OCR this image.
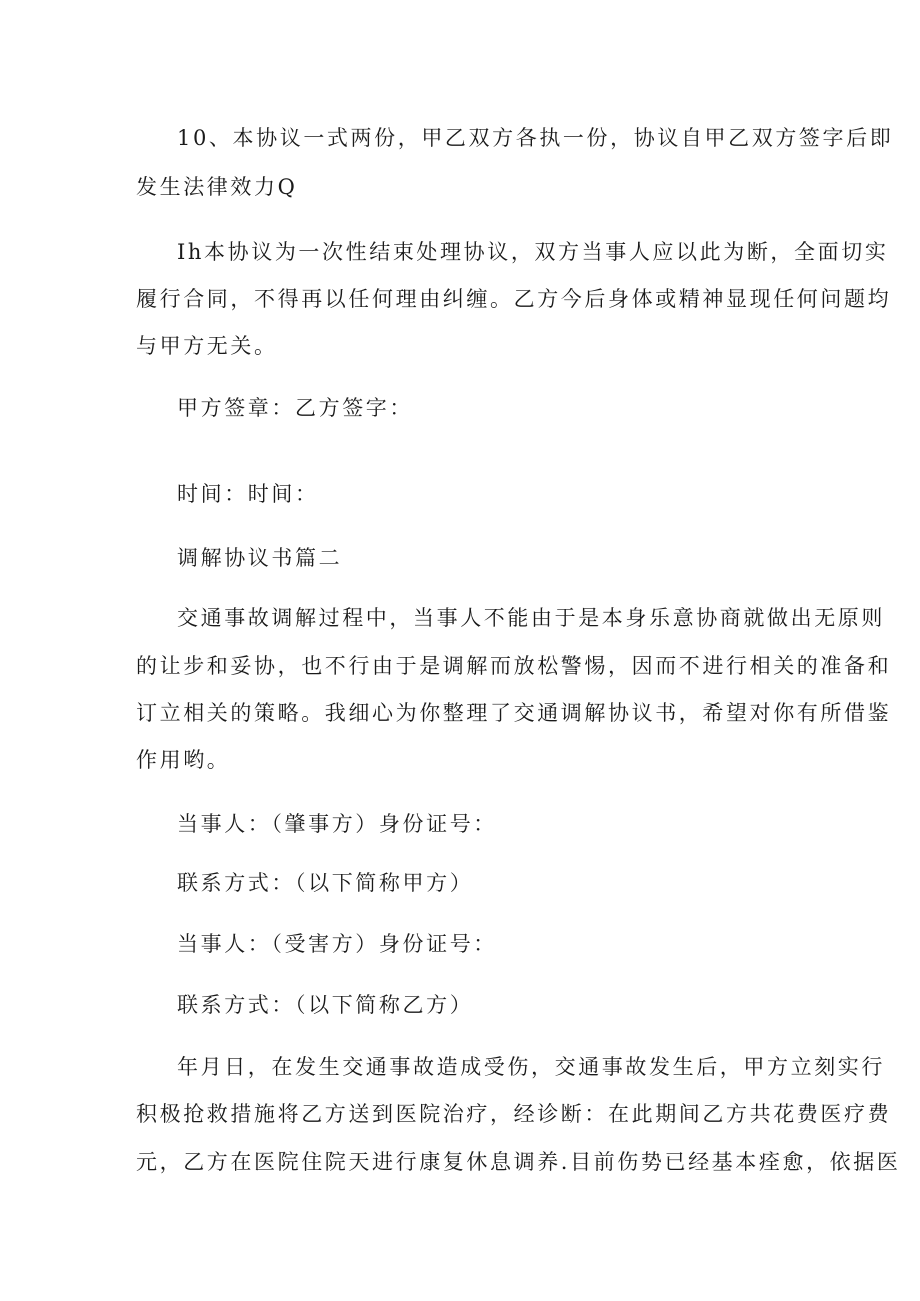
10、本协议一式两份，甲乙双方各执一份，协议自甲乙双方签字后即
发生法律效力Q
Ih本协议为一次性结束处理协议，双方当事人应以此为断，全面切实
履行合同，不得再以任何理由纠缠。乙方今后身体或精神显现任何问题均
与甲方无关。
甲方签章：乙方签字：
时间：时间：
调解协议书篇二
交通事故调解过程中，当事人不能由于是本身乐意协商就做出无原则
的让步和妥协，也不行由于是调解而放松警惕，因而不进行相关的准备和
订立相关的策略。我细心为你整理了交通调解协议书，希望对你有所借鉴
作用哟。
当事人：（肇事方）身份证号：
联系方式：（以下简称甲方）
当事人：（受害方）身份证号：
联系方式：（以下简称乙方）
年月日，在发生交通事故造成受伤，交通事故发生后，甲方立刻实行
积极抢救措施将乙方送到医院治疗，经诊断：在此期间乙方共花费医疗费
元，乙方在医院住院天进行康复休息调养.目前伤势已经基本痊愈，依据医
